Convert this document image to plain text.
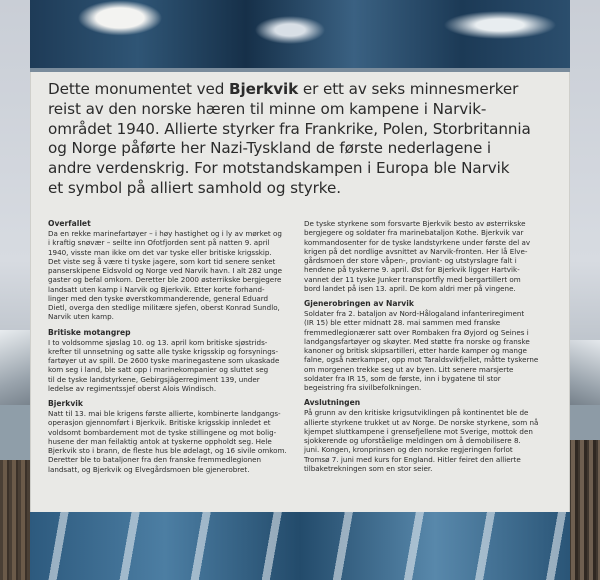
Dette monumentet ved Bjerkvik er ett av seks minnesmerker
reist av den norske hæren til minne om kampene i Narvik-
området 1940. Allierte styrker fra Frankrike, Polen, Storbritannia
og Norge påførte her Nazi-Tyskland de første nederlagene i
andre verdenskrig. For motstandskampen i Europa ble Narvik
et symbol på alliert samhold og styrke.

Overfallet

Da en rekke marinefartøyer – i høy hastighet og i ly av mørket og
i kraftig snøvær – seilte inn Ofotfjorden sent på natten 9. april
1940, visste man ikke om det var tyske eller britiske krigsskip.
Det viste seg å være ti tyske jagere, som kort tid senere senket
panserskipene Eidsvold og Norge ved Narvik havn. I alt 282 unge
gaster og befal omkom. Deretter ble 2000 østerrikske bergjegere
landsatt uten kamp i Narvik og Bjerkvik. Etter korte forhand-
linger med den tyske øverstkommanderende, general Eduard
Dietl, overga den stedlige militære sjefen, oberst Konrad Sundlo,
Narvik uten kamp.

Britiske motangrep

I to voldsomme sjøslag 10. og 13. april kom britiske sjøstrids-
krefter til unnsetning og satte alle tyske krigsskip og forsynings-
fartøyer ut av spill. De 2600 tyske marinegastene som ukaskade
kom seg i land, ble satt opp i marinekompanier og sluttet seg
til de tyske landstyrkene, Gebirgsjägerregiment 139, under
ledelse av regimentssjef oberst Alois Windisch.

Bjerkvik

Natt til 13. mai ble krigens første allierte, kombinerte landgangs-
operasjon gjennomført i Bjerkvik. Britiske krigsskip innledet et
voldsomt bombardement mot de tyske stillingene og mot bolig-
husene der man feilaktig antok at tyskerne oppholdt seg. Hele
Bjerkvik sto i brann, de fleste hus ble ødelagt, og 16 sivile omkom.
Deretter ble to bataljoner fra den franske fremmedlegionen
landsatt, og Bjerkvik og Elvegårdsmoen ble gjenerobret.

De tyske styrkene som forsvarte Bjerkvik besto av østerrikske
bergjegere og soldater fra marinebataljon Kothe. Bjerkvik var
kommandosenter for de tyske landstyrkene under første del av
krigen på det nordlige avsnittet av Narvik-fronten. Her lå Elve-
gårdsmoen der store våpen-, proviant- og utstyrslagre falt i
hendene på tyskerne 9. april. Øst for Bjerkvik ligger Hartvik-
vannet der 11 tyske Junker transportfly med bergartillert om
bord landet på isen 13. april. De kom aldri mer på vingene.

Gjenerobringen av Narvik

Soldater fra 2. bataljon av Nord-Hålogaland infanteriregiment
(IR 15) ble etter midnatt 28. mai sammen med franske
fremmedlegionærer satt over Rombaken fra Øyjord og Seines i
landgangsfartøyer og skøyter. Med støtte fra norske og franske
kanoner og britisk skipsartilleri, etter harde kamper og mange
falne, også nærkamper, opp mot Taraldsvikfjellet, måtte tyskerne
om morgenen trekke seg ut av byen. Litt senere marsjerte
soldater fra IR 15, som de første, inn i bygatene til stor
begeistring fra sivilbefolkningen.

Avslutningen

På grunn av den kritiske krigsutviklingen på kontinentet ble de
allierte styrkene trukket ut av Norge. De norske styrkene, som nå
kjempet sluttkampene i grensefjellene mot Sverige, mottok den
sjokkerende og uforståelige meldingen om å demobilisere 8.
juni. Kongen, kronprinsen og den norske regjeringen forlot
Tromsø 7. juni med kurs for England. Hitler feiret den allierte
tilbaketrekningen som en stor seier.
